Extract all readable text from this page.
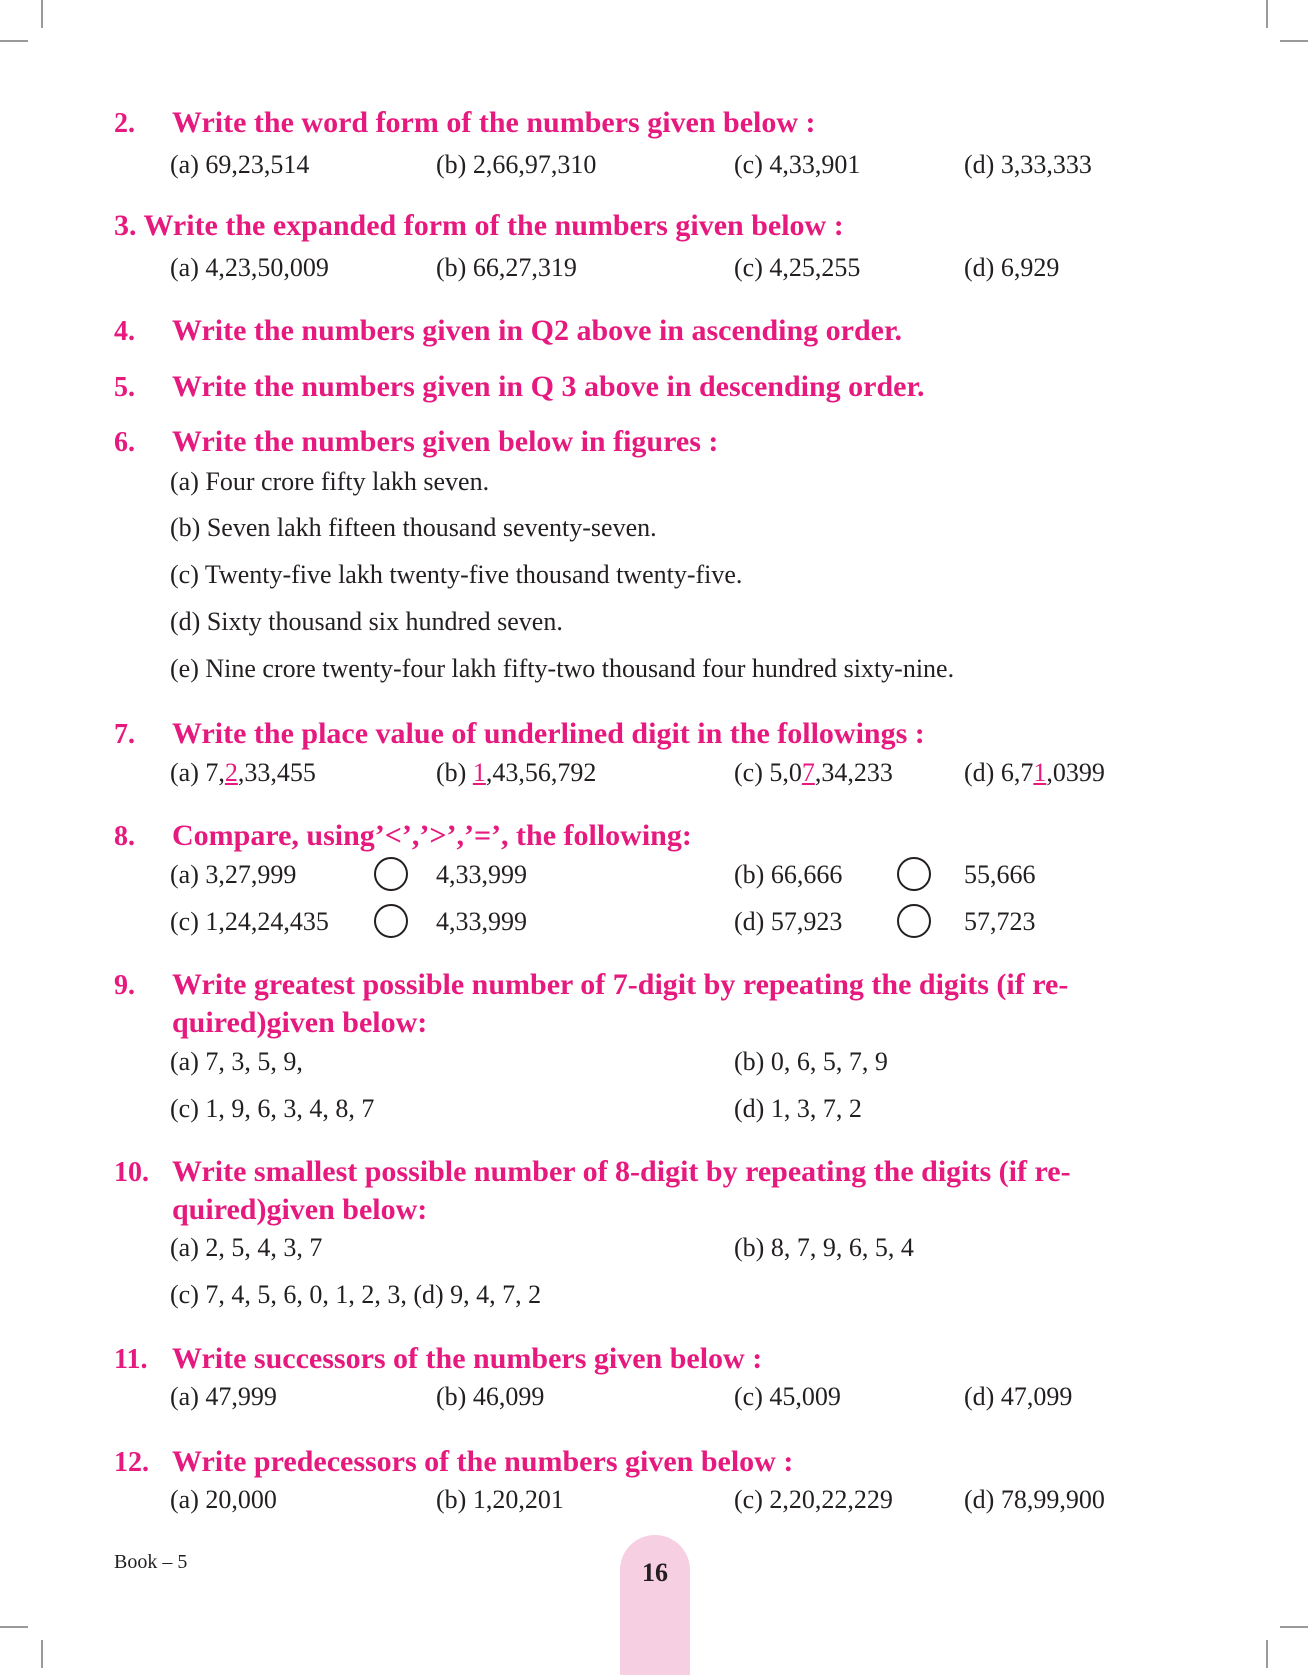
2. Write the word form of the numbers given below :
(a) 69,23,514	(b) 2,66,97,310	(c) 4,33,901	(d) 3,33,333
3. Write the expanded form of the numbers given below :
(a) 4,23,50,009	(b) 66,27,319	(c) 4,25,255	(d) 6,929
4. Write the numbers given in Q2 above in ascending order.
5. Write the numbers given in Q 3 above in descending order.
6. Write the numbers given below in figures :
(a) Four crore fifty lakh seven.
(b) Seven lakh fifteen thousand seventy-seven.
(c) Twenty-five lakh twenty-five thousand twenty-five.
(d) Sixty thousand six hundred seven.
(e) Nine crore twenty-four lakh fifty-two thousand four hundred sixty-nine.
7. Write the place value of underlined digit in the followings :
(a) 7,2,33,455	(b) 1,43,56,792	(c) 5,07,34,233	(d) 6,71,0399
8. Compare, using’<’,’>’,’=’, the following:
(a) 3,27,999	4,33,999	(b) 66,666	55,666
(c) 1,24,24,435	4,33,999	(d) 57,923	57,723
9. Write greatest possible number of 7-digit by repeating the digits (if re-
quired)given below:
(a) 7, 3, 5, 9,	(b) 0, 6, 5, 7, 9
(c) 1, 9, 6, 3, 4, 8, 7	(d) 1, 3, 7, 2
10. Write smallest possible number of 8-digit by repeating the digits (if re-
quired)given below:
(a) 2, 5, 4, 3, 7	(b) 8, 7, 9, 6, 5, 4
(c) 7, 4, 5, 6, 0, 1, 2, 3, (d) 9, 4, 7, 2
11. Write successors of the numbers given below :
(a) 47,999	(b) 46,099	(c) 45,009	(d) 47,099
12. Write predecessors of the numbers given below :
(a) 20,000	(b) 1,20,201	(c) 2,20,22,229	(d) 78,99,900
Book – 5	16
